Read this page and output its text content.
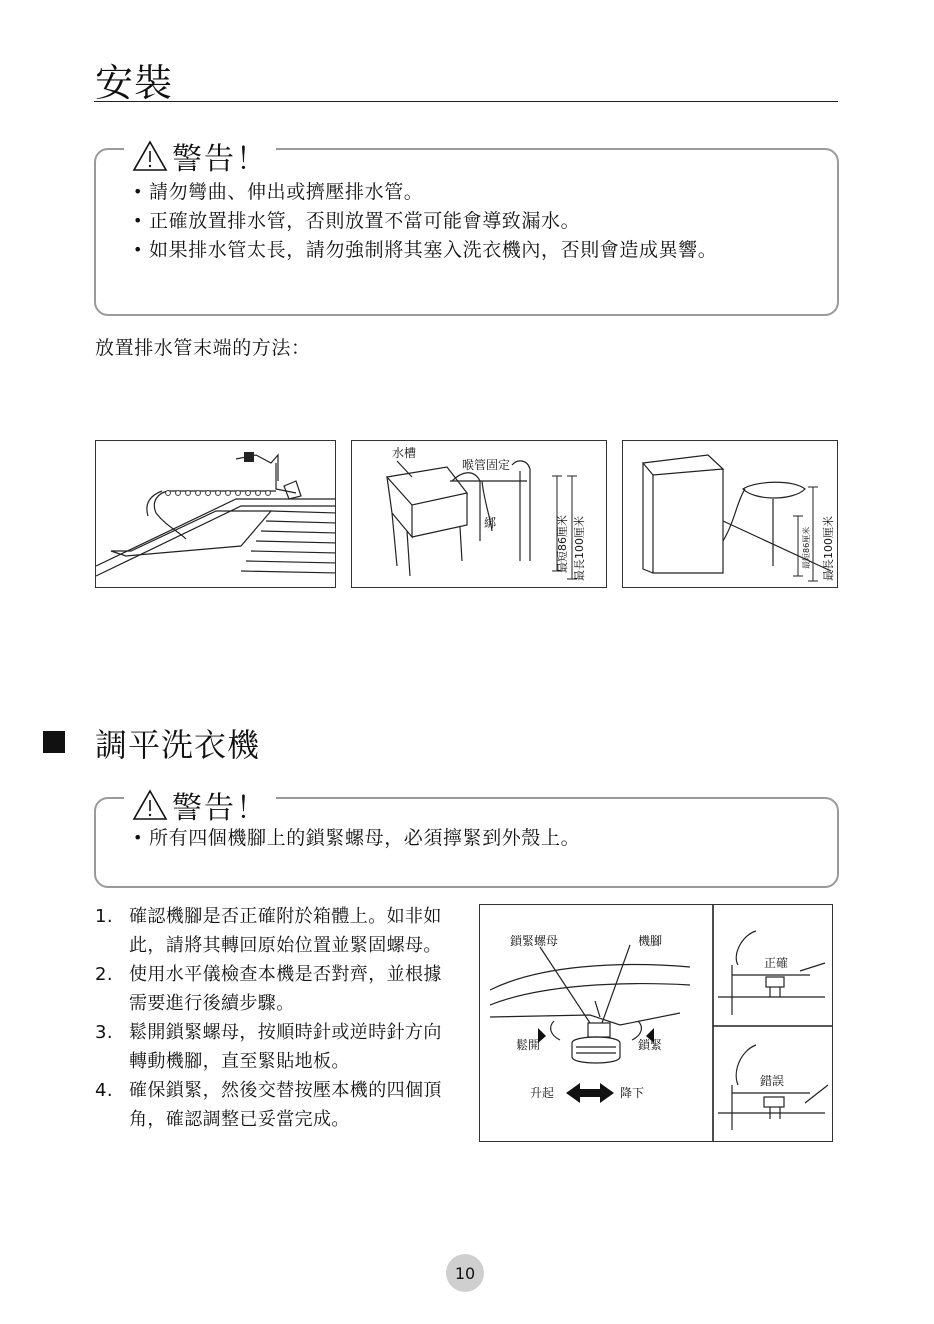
安裝
警告！
• 請勿彎曲、伸出或擠壓排水管。
• 正確放置排水管，否則放置不當可能會導致漏水。
• 如果排水管太長，請勿強制將其塞入洗衣機內，否則會造成異響。
放置排水管末端的方法：
水槽
喉管固定
綁	最短86厘米 最長100厘米	最短86厘米 最長100厘米
調平洗衣機
警告！
• 所有四個機腳上的鎖緊螺母，必須擰緊到外殼上。
1. 確認機腳是否正確附於箱體上。如非如
此，請將其轉回原始位置並緊固螺母。
2. 使用水平儀檢查本機是否對齊，並根據
需要進行後續步驟。
3. 鬆開鎖緊螺母，按順時針或逆時針方向
轉動機腳，直至緊貼地板。
4. 確保鎖緊，然後交替按壓本機的四個頂
角，確認調整已妥當完成。
鎖緊螺母	機腳
鬆開	鎖緊
升起	降下
正確
錯誤
10
